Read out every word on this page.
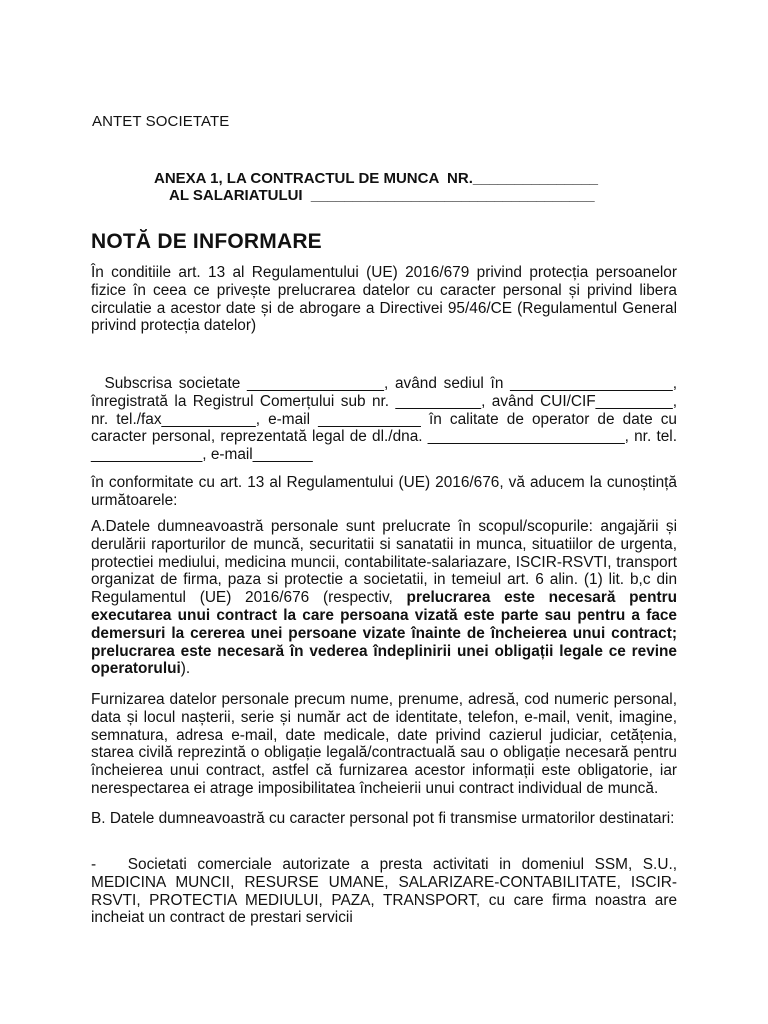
ANTET SOCIETATE
ANEXA 1, LA CONTRACTUL DE MUNCA  NR._______________
AL SALARIATULUI  __________________________________
NOTĂ DE INFORMARE
În conditiile art. 13 al Regulamentului (UE) 2016/679 privind protecția persoanelor fizice în ceea ce privește prelucrarea datelor cu caracter personal și privind libera circulatie a acestor date și de abrogare a Directivei 95/46/CE (Regulamentul General privind protecția datelor)
Subscrisa societate ________________, având sediul în ___________________, înregistrată la Registrul Comerțului sub nr. __________, având CUI/CIF_________, nr. tel./fax___________, e-mail ____________ în calitate de operator de date cu caracter personal, reprezentată legal de dl./dna. _______________________, nr. tel. _____________, e-mail_______
în conformitate cu art. 13 al Regulamentului (UE) 2016/676, vă aducem la cunoștință următoarele:
A.Datele dumneavoastră personale sunt prelucrate în scopul/scopurile: angajării și derulării raporturilor de muncă, securitatii si sanatatii in munca, situatiilor de urgenta, protectiei mediului, medicina muncii, contabilitate-salariazare, ISCIR-RSVTI, transport organizat de firma, paza si protectie a societatii, in temeiul art. 6 alin. (1) lit. b,c din Regulamentul (UE) 2016/676 (respectiv, prelucrarea este necesară pentru executarea unui contract la care persoana vizată este parte sau pentru a face demersuri la cererea unei persoane vizate înainte de încheierea unui contract; prelucrarea este necesară în vederea îndeplinirii unei obligații legale ce revine operatorului).
Furnizarea datelor personale precum nume, prenume, adresă, cod numeric personal, data și locul nașterii, serie și număr act de identitate, telefon, e-mail, venit, imagine, semnatura, adresa e-mail, date medicale, date privind cazierul judiciar, cetățenia, starea civilă reprezintă o obligație legală/contractuală sau o obligație necesară pentru încheierea unui contract, astfel că furnizarea acestor informații este obligatorie, iar nerespectarea ei atrage imposibilitatea încheierii unui contract individual de muncă.
B. Datele dumneavoastră cu caracter personal pot fi transmise urmatorilor destinatari:
-   Societati comerciale autorizate a presta activitati in domeniul SSM, S.U., MEDICINA MUNCII, RESURSE UMANE, SALARIZARE-CONTABILITATE, ISCIR-RSVTI, PROTECTIA MEDIULUI, PAZA, TRANSPORT, cu care firma noastra are incheiat un contract de prestari servicii
